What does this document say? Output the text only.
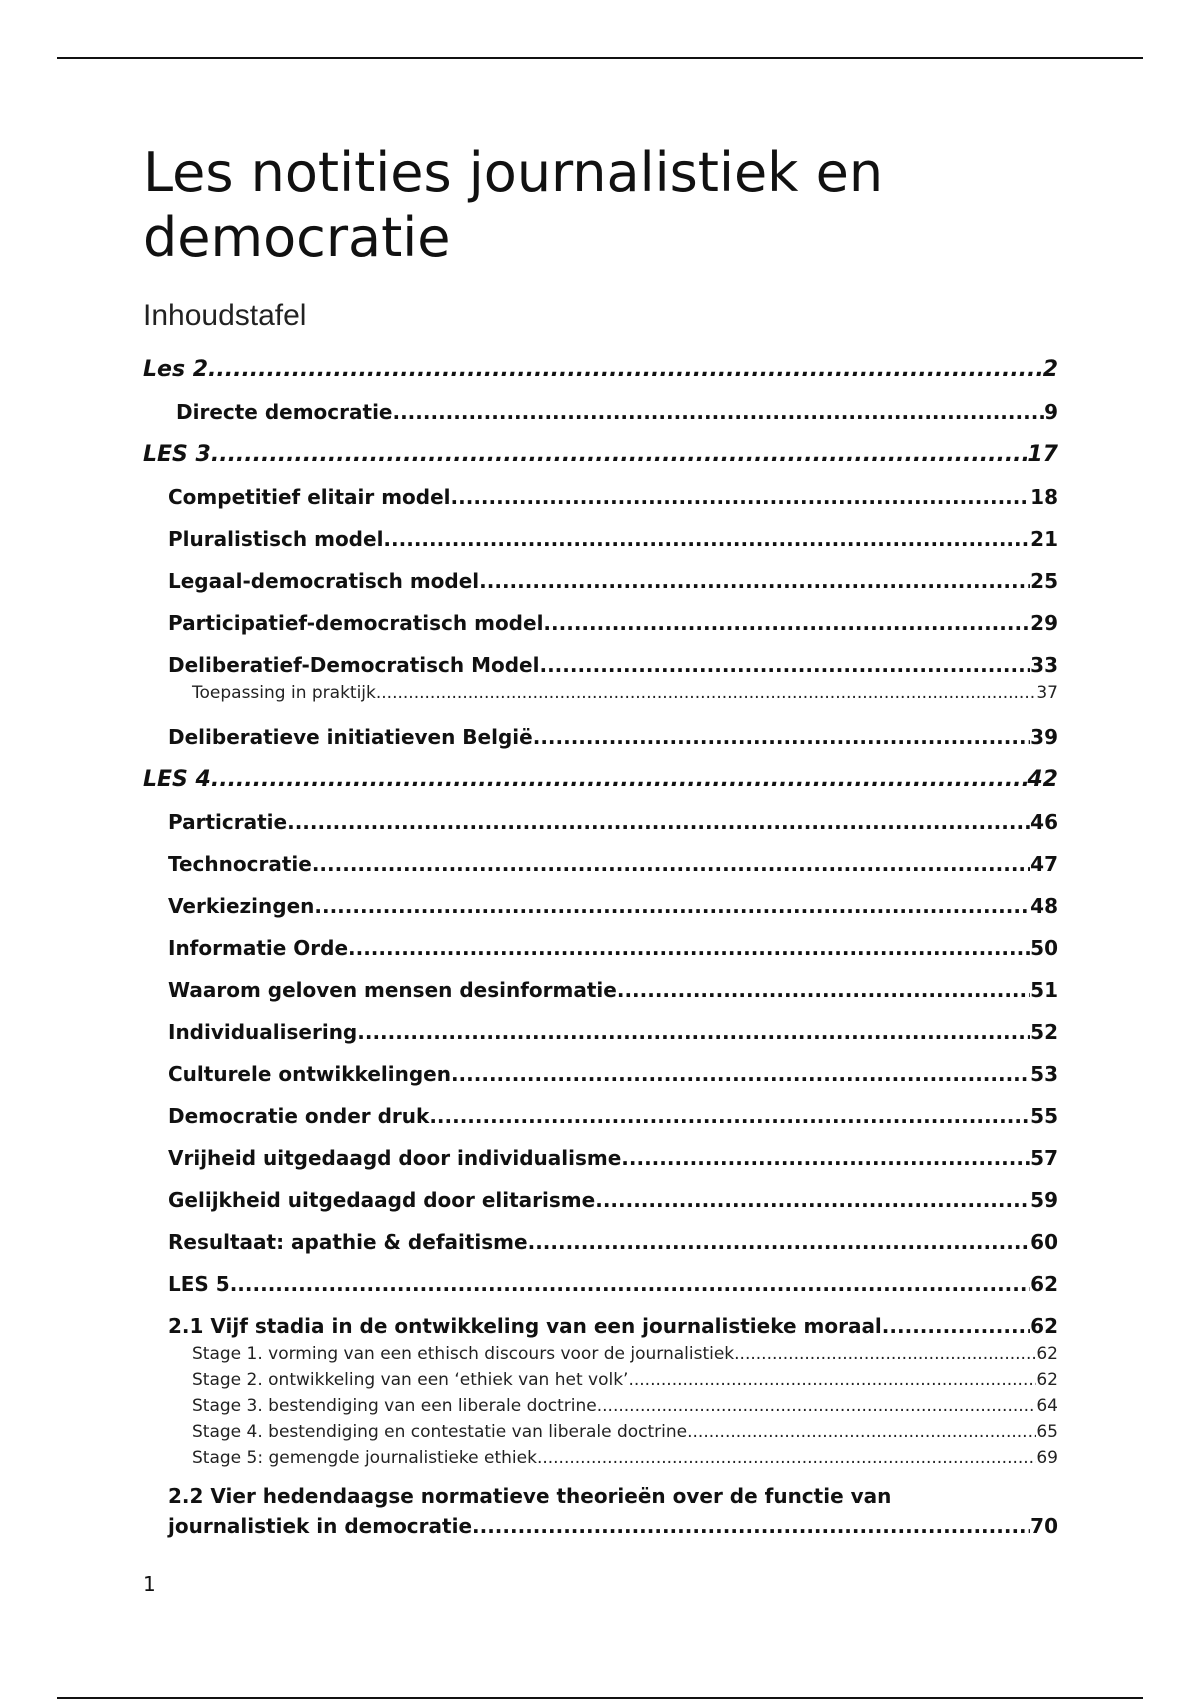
Les notities journalistiek en
democratie
Inhoudstafel
Les 2 .....	2
Directe democratie .....	9
LES 3 .....	17
Competitief elitair model .....	18
Pluralistisch model .....	21
Legaal-democratisch model .....	25
Participatief-democratisch model .....	29
Deliberatief-Democratisch Model .....	33
Toepassing in praktijk .....	37
Deliberatieve initiatieven België .....	39
LES 4 .....	42
Particratie .....	46
Technocratie .....	47
Verkiezingen .....	48
Informatie Orde .....	50
Waarom geloven mensen desinformatie .....	51
Individualisering .....	52
Culturele ontwikkelingen .....	53
Democratie onder druk .....	55
Vrijheid uitgedaagd door individualisme .....	57
Gelijkheid uitgedaagd door elitarisme .....	59
Resultaat: apathie & defaitisme .....	60
LES 5 .....	62
2.1 Vijf stadia in de ontwikkeling van een journalistieke moraal .....	62
Stage 1. vorming van een ethisch discours voor de journalistiek .....	62
Stage 2. ontwikkeling van een ‘ethiek van het volk’ .....	62
Stage 3. bestendiging van een liberale doctrine .....	64
Stage 4. bestendiging en contestatie van liberale doctrine .....	65
Stage 5: gemengde journalistieke ethiek .....	69
2.2 Vier hedendaagse normatieve theorieën over de functie van
journalistiek in democratie .....	70
1
